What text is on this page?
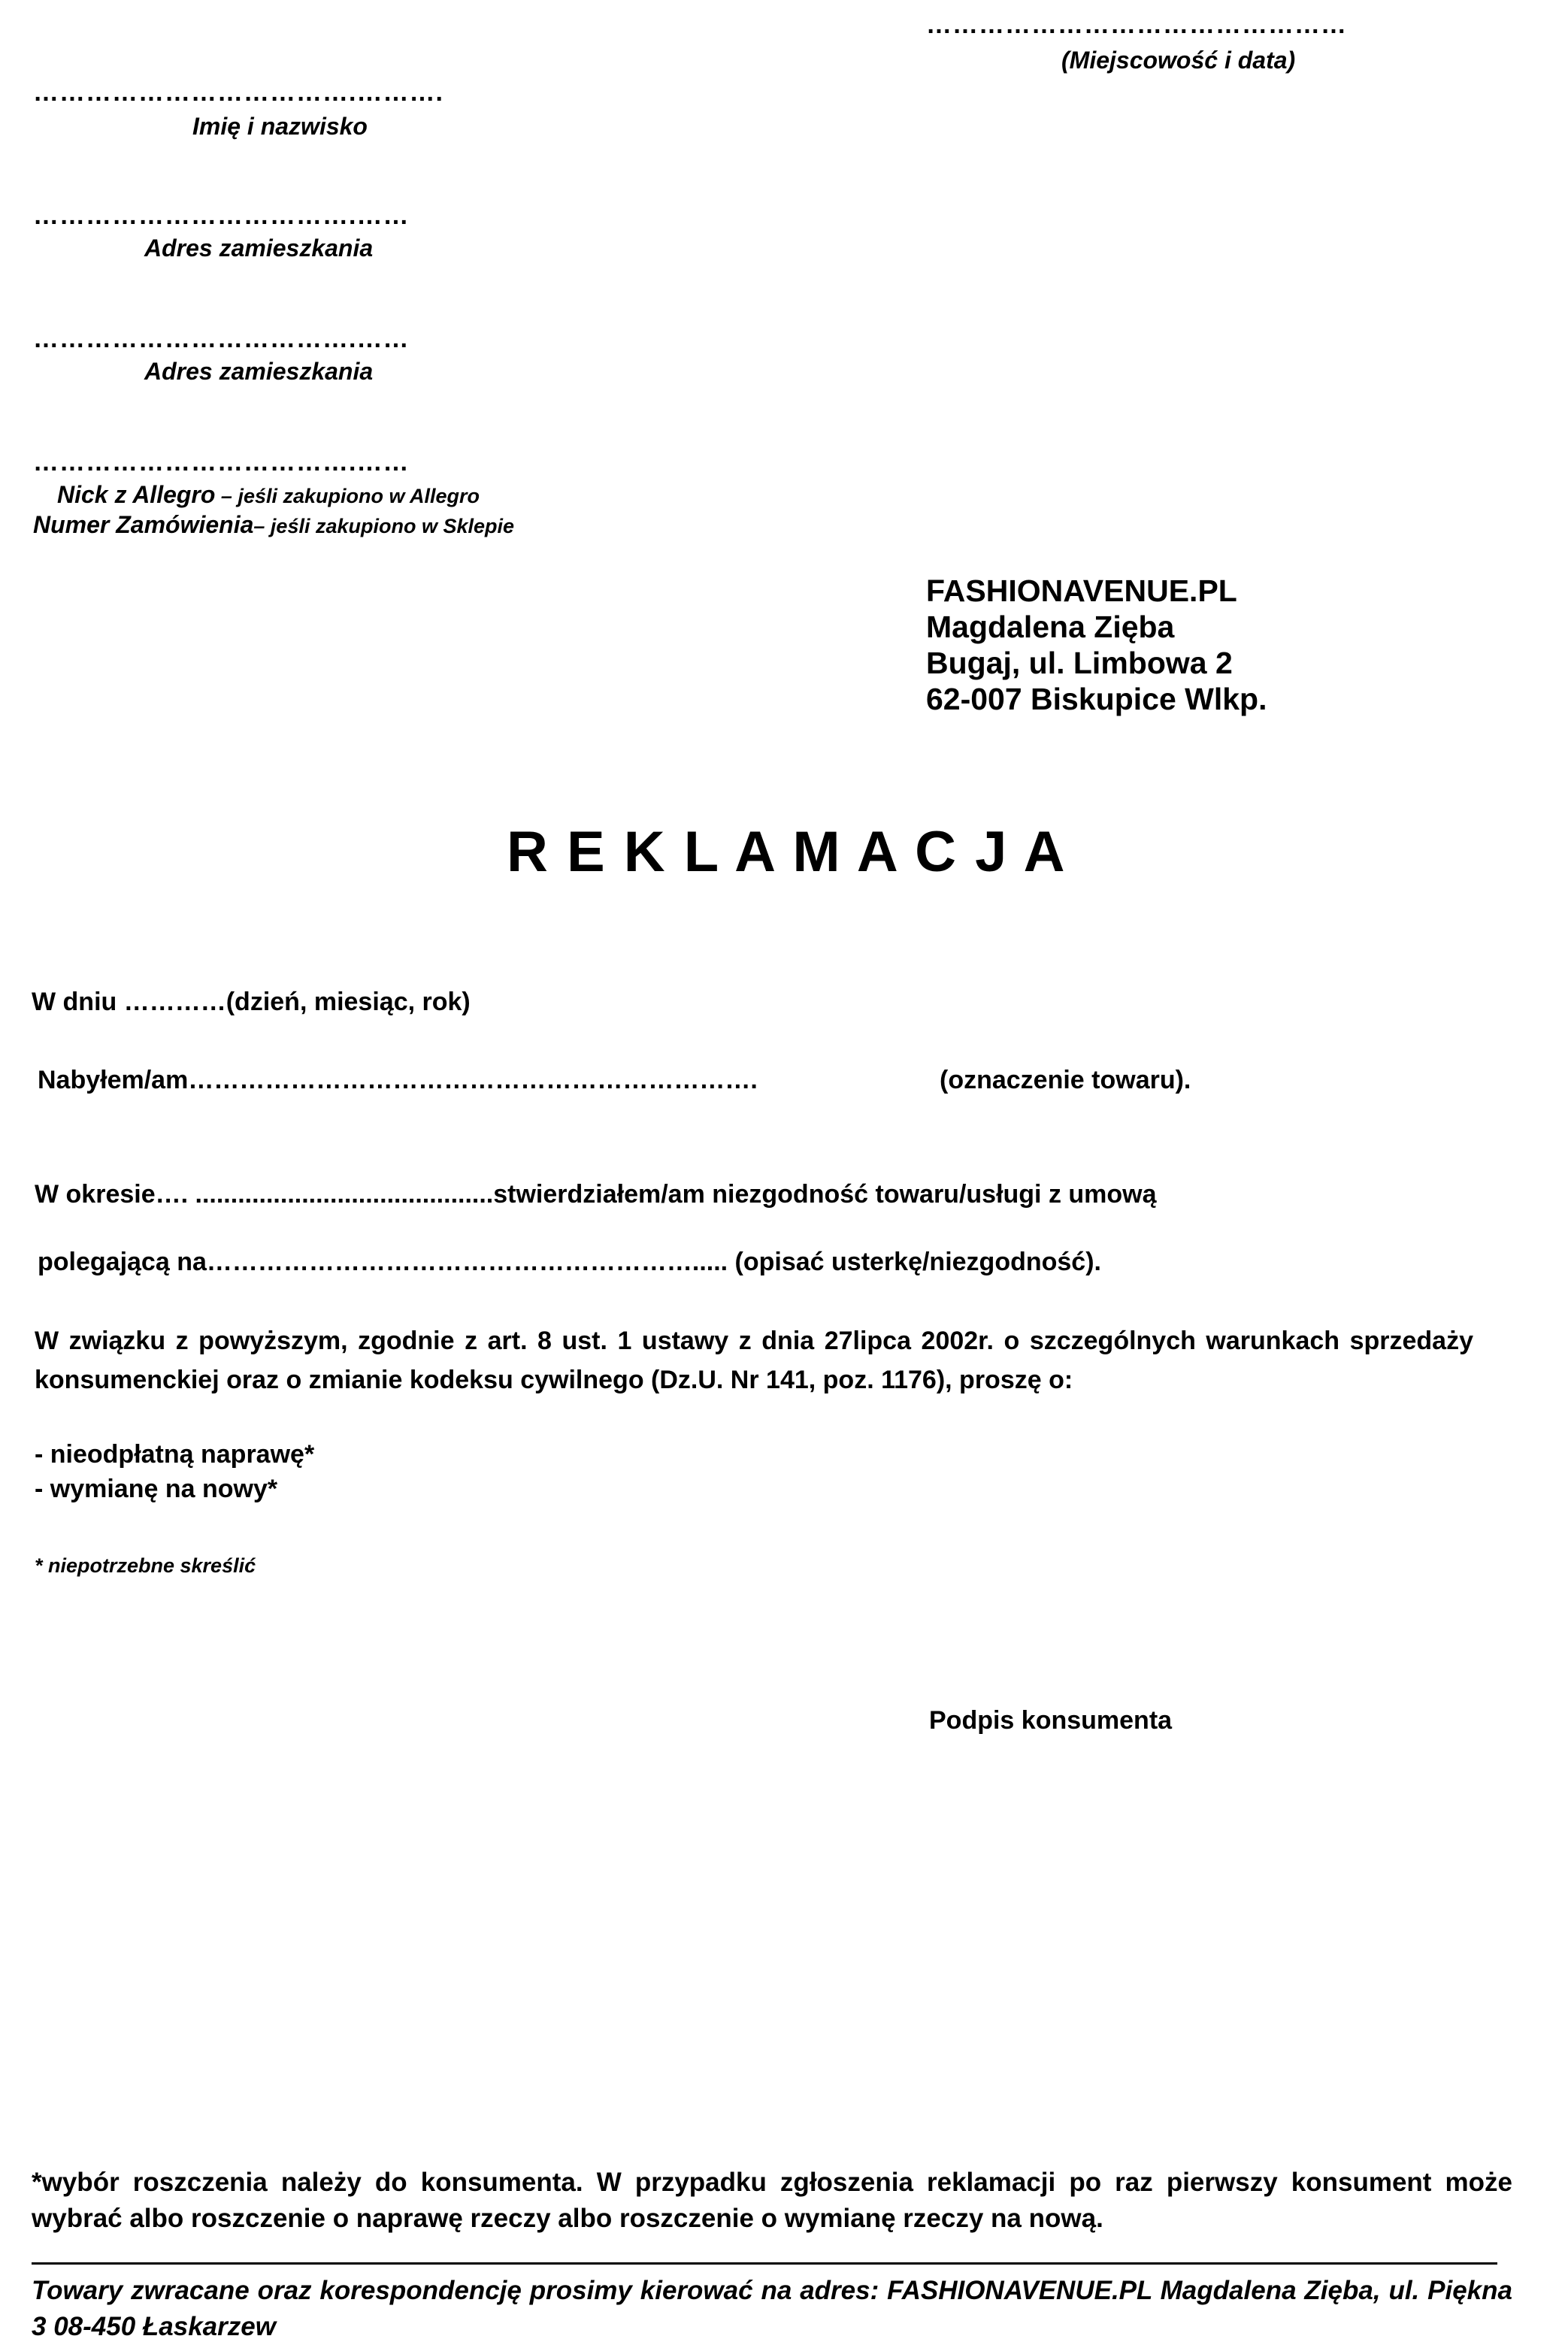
…………………………………………
(Miejscowość i data)
……………………………….……….
Imię i nazwisko
……………………………….……
Adres zamieszkania
……………………………….……
Adres zamieszkania
……………………………….……
Nick z Allegro – jeśli zakupiono w Allegro
Numer Zamówienia– jeśli zakupiono w Sklepie
FASHIONAVENUE.PL
Magdalena Zięba
Bugaj, ul. Limbowa 2
62-007 Biskupice Wlkp.
R E K L A M A C J A
W dniu …………(dzień, miesiąc, rok)
Nabyłem/am………………………………………………………….	(oznaczenie towaru).
W okresie…. ..........................................stwierdziałem/am niezgodność towaru/usługi z umową
polegającą na…………………………………………………..... (opisać usterkę/niezgodność).
W związku z powyższym, zgodnie z art. 8 ust. 1 ustawy z dnia 27lipca 2002r. o szczególnych warunkach sprzedaży konsumenckiej oraz o zmianie kodeksu cywilnego (Dz.U. Nr 141, poz. 1176), proszę o:
- nieodpłatną naprawę*
- wymianę na nowy*
* niepotrzebne skreślić
Podpis konsumenta
*wybór roszczenia należy do konsumenta. W przypadku zgłoszenia reklamacji po raz pierwszy konsument może wybrać albo roszczenie o naprawę rzeczy albo roszczenie o wymianę rzeczy na nową.
Towary zwracane oraz korespondencję prosimy kierować na adres: FASHIONAVENUE.PL Magdalena Zięba, ul. Piękna 3 08-450 Łaskarzew
